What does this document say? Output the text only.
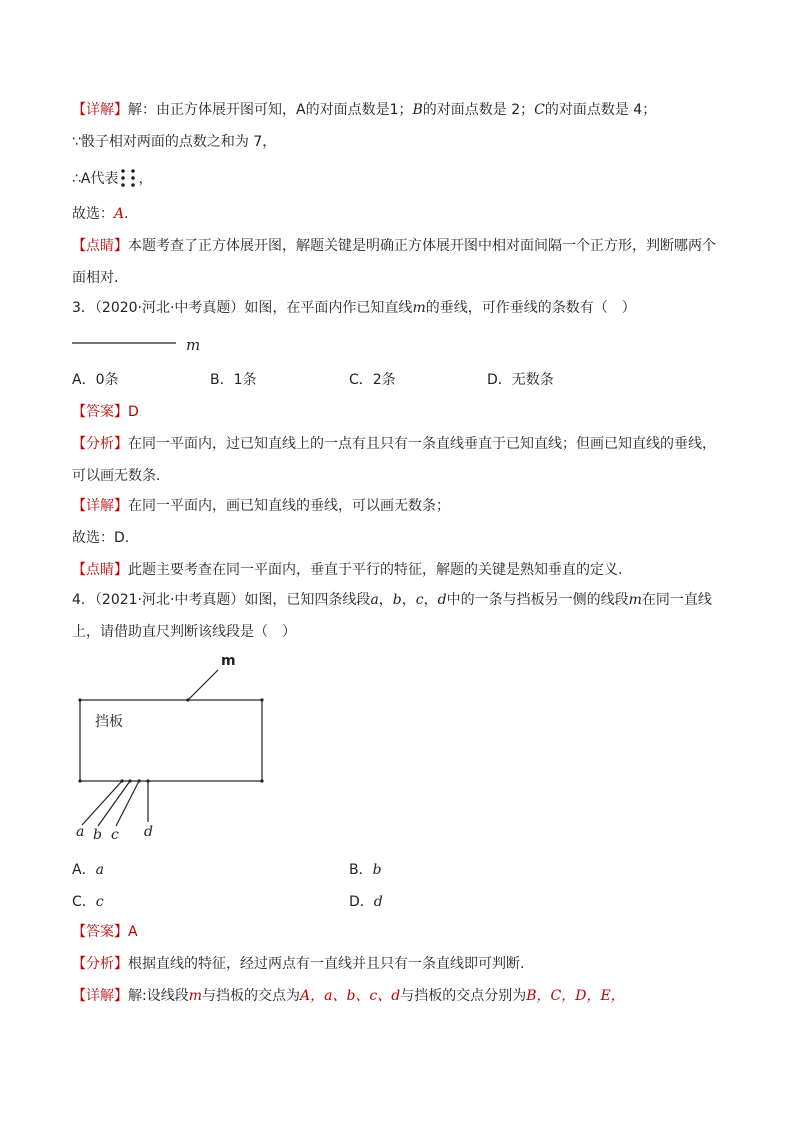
【详解】解：由正方体展开图可知，A的对面点数是1；B的对面点数是 2；C的对面点数是 4；
∵骰子相对两面的点数之和为 7，
∴A代表 ，
故选：A.
【点睛】本题考查了正方体展开图，解题关键是明确正方体展开图中相对面间隔一个正方形，判断哪两个
面相对.
3．（2020·河北·中考真题）如图，在平面内作已知直线m的垂线，可作垂线的条数有（　）
m
A．0条	B．1条	C．2条	D．无数条
【答案】D
【分析】在同一平面内，过已知直线上的一点有且只有一条直线垂直于已知直线；但画已知直线的垂线，
可以画无数条.
【详解】在同一平面内，画已知直线的垂线，可以画无数条；
故选：D.
【点睛】此题主要考查在同一平面内，垂直于平行的特征，解题的关键是熟知垂直的定义.
4．（2021·河北·中考真题）如图，已知四条线段a，b，c，d中的一条与挡板另一侧的线段m在同一直线
上，请借助直尺判断该线段是（　）
挡板
m
a b c d
A．a	B．b
C．c	D．d
【答案】A
【分析】根据直线的特征，经过两点有一直线并且只有一条直线即可判断.
【详解】解:设线段m与挡板的交点为A，a、b、c、d与挡板的交点分别为B，C，D，E，
